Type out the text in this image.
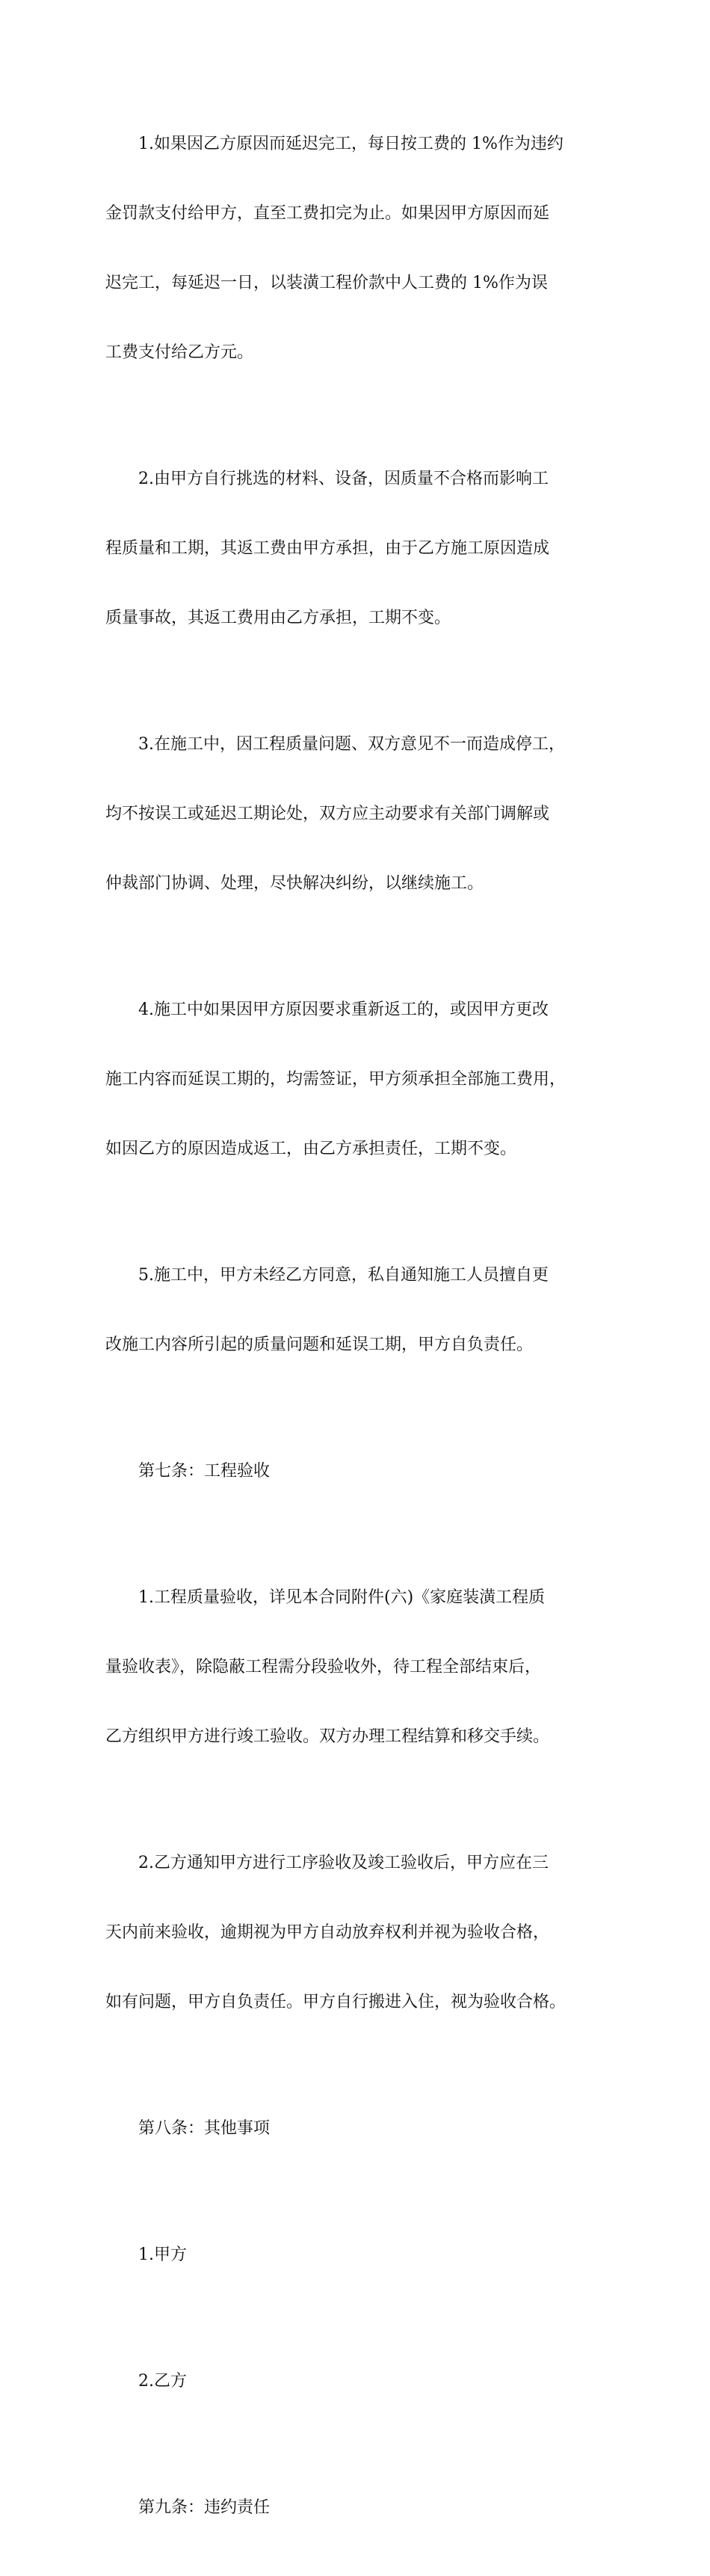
1.如果因乙方原因而延迟完工，每日按工费的 1%作为违约

金罚款支付给甲方，直至工费扣完为止。如果因甲方原因而延

迟完工，每延迟一日，以装潢工程价款中人工费的 1%作为误

工费支付给乙方元。

2.由甲方自行挑选的材料、设备，因质量不合格而影响工

程质量和工期，其返工费由甲方承担，由于乙方施工原因造成

质量事故，其返工费用由乙方承担，工期不变。

3.在施工中，因工程质量问题、双方意见不一而造成停工，

均不按误工或延迟工期论处，双方应主动要求有关部门调解或

仲裁部门协调、处理，尽快解决纠纷，以继续施工。

4.施工中如果因甲方原因要求重新返工的，或因甲方更改

施工内容而延误工期的，均需签证，甲方须承担全部施工费用，

如因乙方的原因造成返工，由乙方承担责任，工期不变。

5.施工中，甲方未经乙方同意，私自通知施工人员擅自更

改施工内容所引起的质量问题和延误工期，甲方自负责任。

第七条：工程验收

1.工程质量验收，详见本合同附件(六)《家庭装潢工程质

量验收表》，除隐蔽工程需分段验收外，待工程全部结束后，

乙方组织甲方进行竣工验收。双方办理工程结算和移交手续。

2.乙方通知甲方进行工序验收及竣工验收后，甲方应在三

天内前来验收，逾期视为甲方自动放弃权利并视为验收合格，

如有问题，甲方自负责任。甲方自行搬进入住，视为验收合格。

第八条：其他事项

1.甲方

2.乙方

第九条：违约责任
